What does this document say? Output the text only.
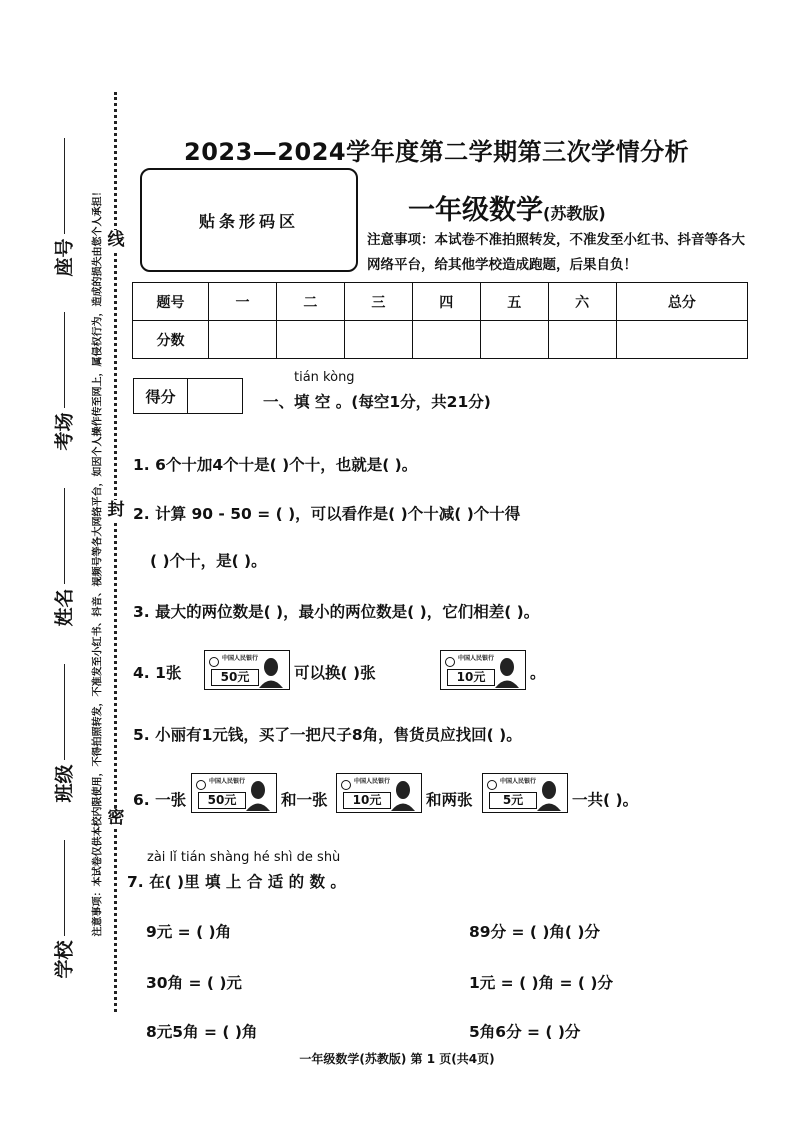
座号
考场
姓名
班级
学校
注意事项：本试卷仅供本校内限使用，不得拍照转发，不准发至小红书、抖音、视频号等各大网络平台，如因个人操作传至网上，属侵权行为，造成的损失由您个人承担！ 线
封
密
2023—2024学年度第二学期第三次学情分析
贴条形码区	一年级数学(苏教版)
注意事项：本试卷不准拍照转发，不准发至小红书、抖音等各大网络平台，给其他学校造成跑题，后果自负！
题号	一	二	三	四	五	六	总分
分数							
得分
tián kòng
一、填 空 。(每空1分，共21分)
1. 6个十加4个十是( )个十，也就是( )。
2. 计算 90 - 50 = ( )，可以看作是( )个十减( )个十得
( )个十，是( )。
3. 最大的两位数是( )，最小的两位数是( )，它们相差( )。
4. 1张
中国人民银行
50元	可以换( )张
中国人民银行
10元	。
5. 小丽有1元钱，买了一把尺子8角，售货员应找回( )。
6. 一张
中国人民银行
50元	和一张
中国人民银行
10元	和两张
中国人民银行
5元	一共( )。
zài lǐ tián shàng hé shì de shù
7. 在( )里 填 上 合 适 的 数 。
9元 = ( )角	89分 = ( )角( )分
30角 = ( )元	1元 = ( )角 = ( )分
8元5角 = ( )角	5角6分 = ( )分
一年级数学(苏教版) 第 1 页(共4页)
